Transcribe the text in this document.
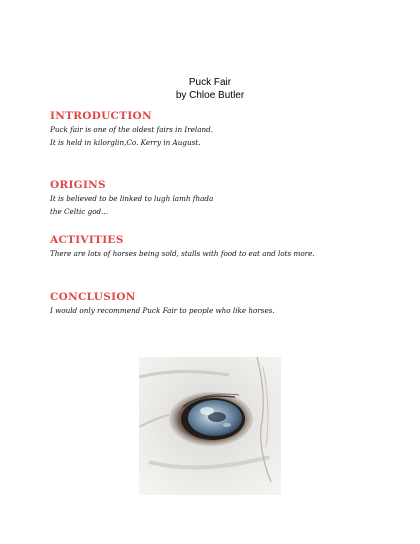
Puck Fair
by Chloe Butler
INTRODUCTION
Puck fair is one of the oldest fairs in Ireland.
It is held in kilorglin,Co. Kerry in August.
ORIGINS
It is believed to be linked to lugh lamh fhada
the Celtic god...
ACTIVITIES
There are lots of horses being sold, stalls with food to eat and lots more.
CONCLUSION
I would only recommend Puck Fair to people who like horses.
